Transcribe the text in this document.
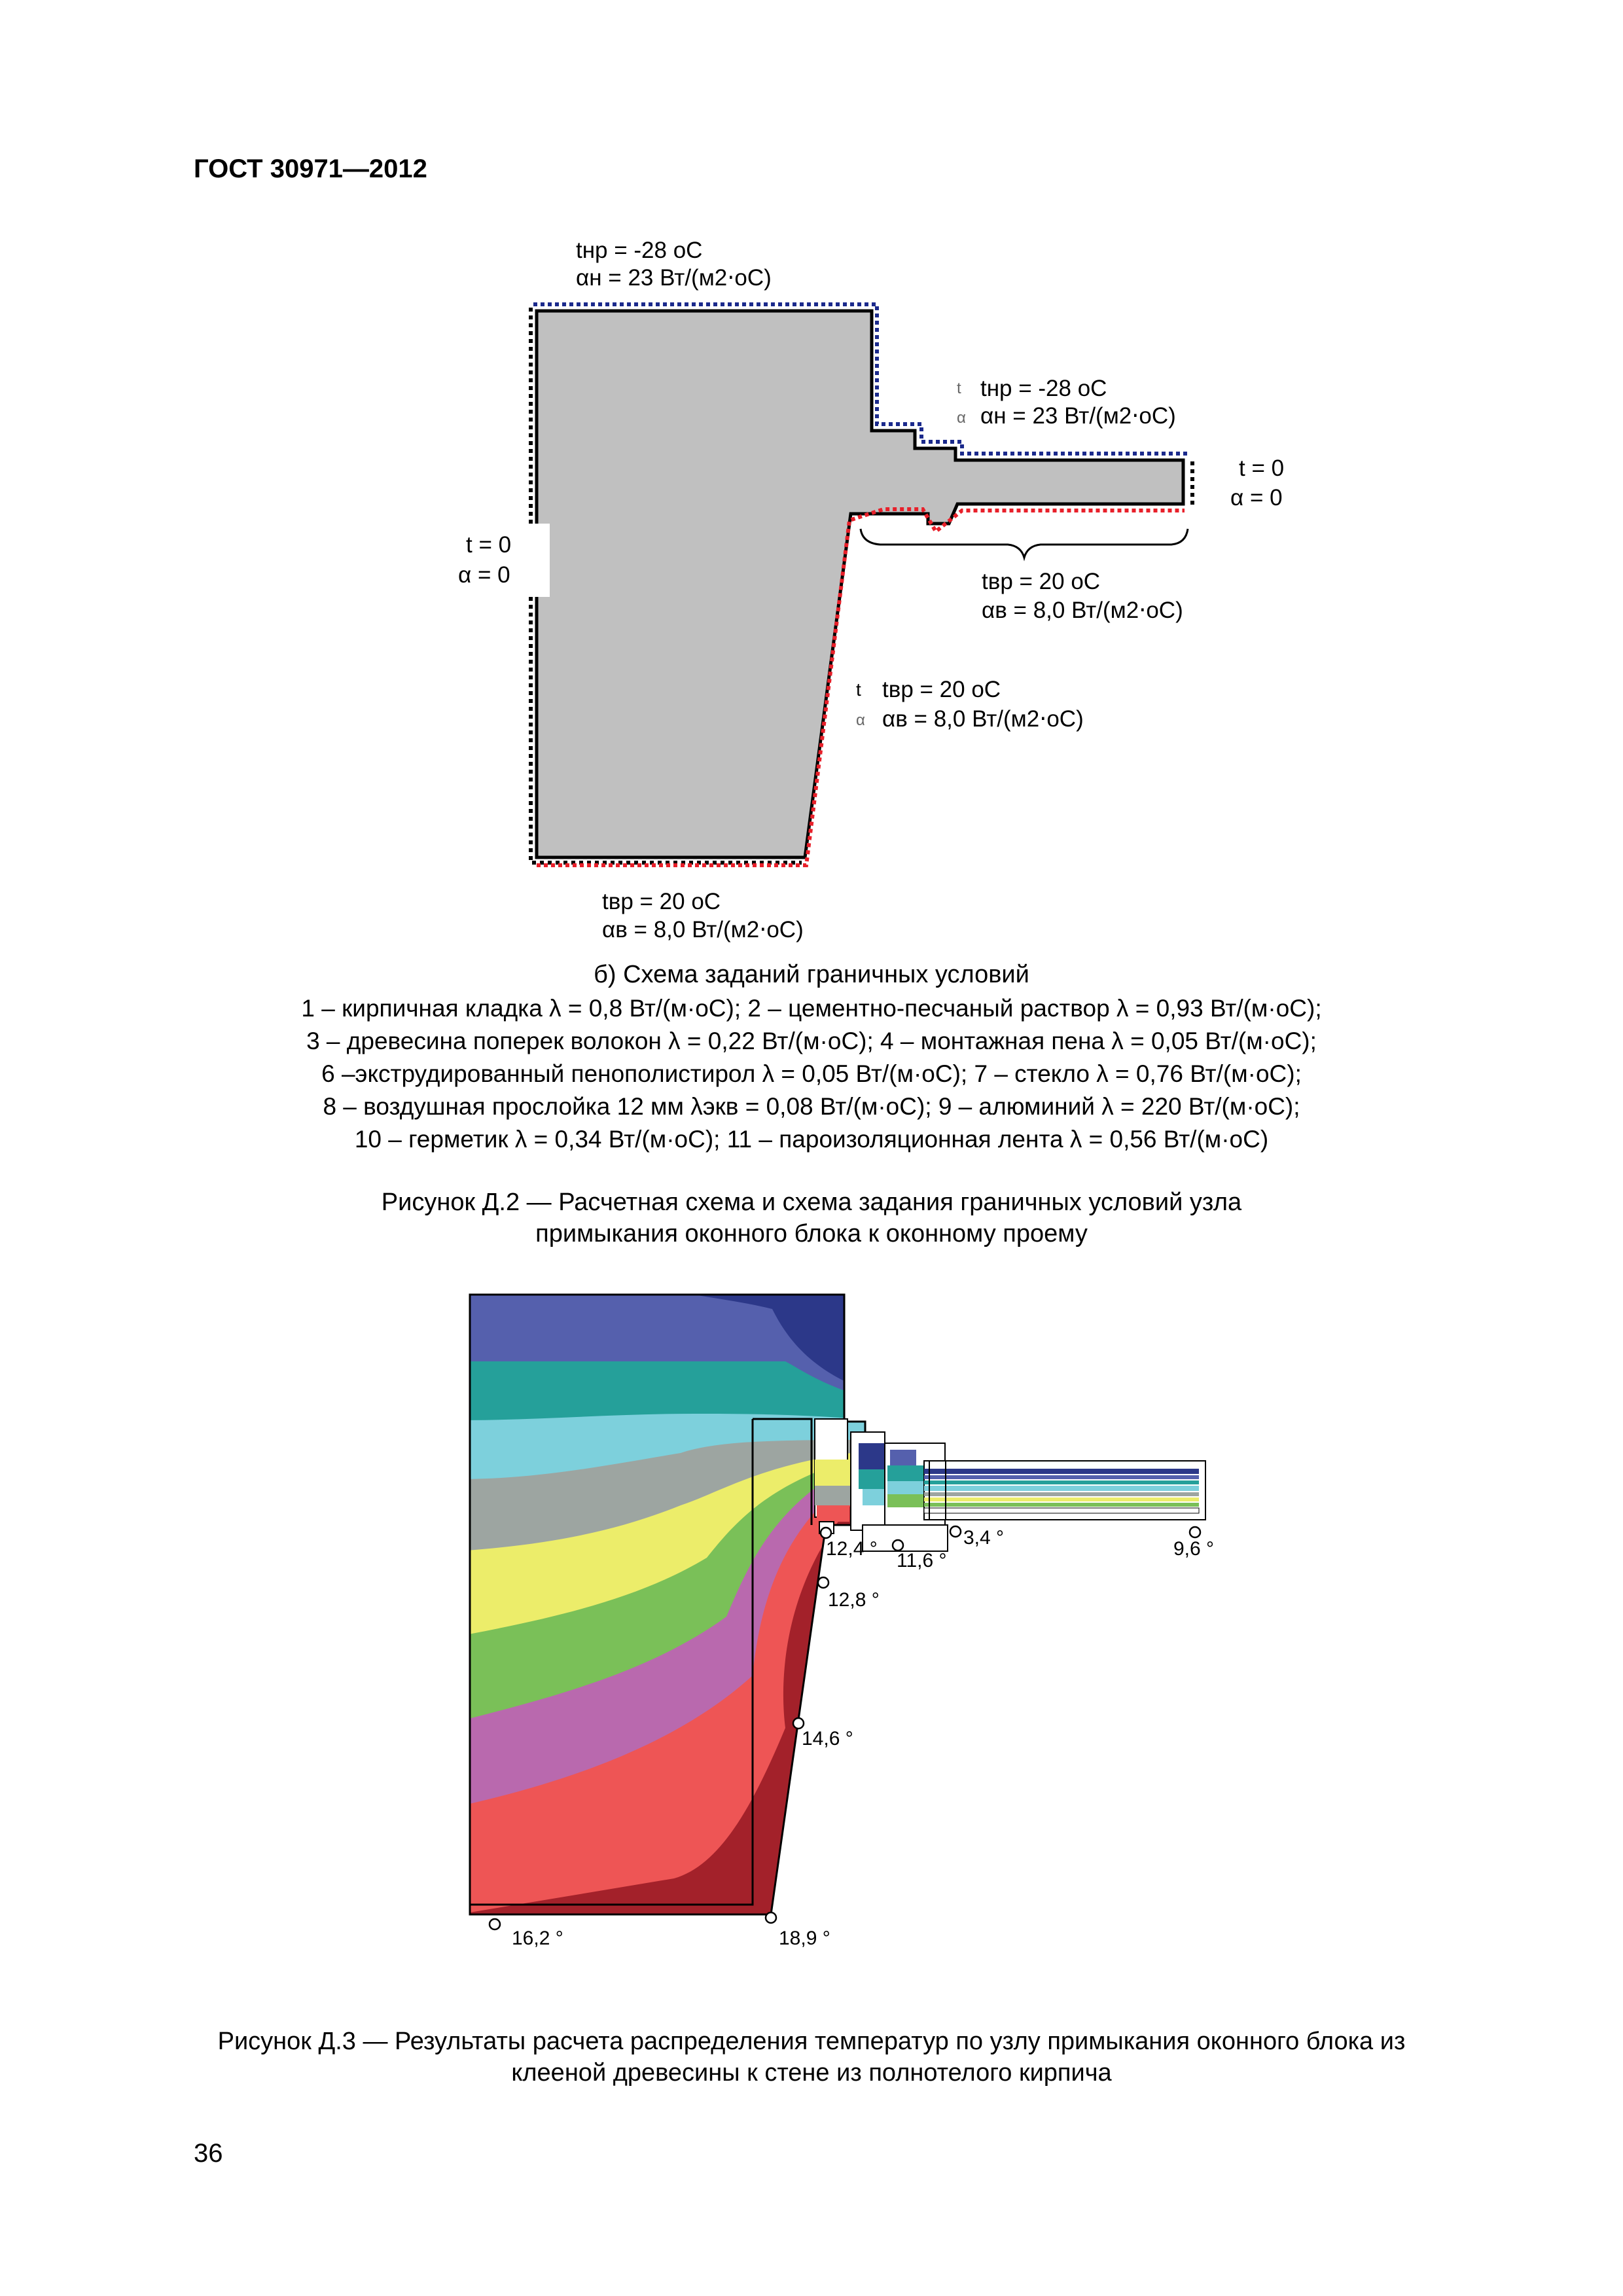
ГОСТ 30971—2012
tнр = -28 оС
αн = 23 Вт/(м2⋅оС)
t tнр = -28 оС
α αн = 23 Вт/(м2⋅оС)
t = 0
α = 0
t = 0
α = 0	tвр = 20 оС
αв = 8,0 Вт/(м2⋅оС)
t tвр = 20 оС
α αв = 8,0 Вт/(м2⋅оС)
tвр = 20 оС
αв = 8,0 Вт/(м2⋅оС)
б) Схема заданий граничных условий
1 – кирпичная кладка λ = 0,8 Вт/(м·оС); 2 – цементно-песчаный раствор λ = 0,93 Вт/(м·оС);
3 – древесина поперек волокон λ = 0,22 Вт/(м·оС); 4 – монтажная пена λ = 0,05 Вт/(м·оС);
6 –экструдированный пенополистирол λ = 0,05 Вт/(м·оС); 7 – стекло λ = 0,76 Вт/(м·оС);
8 – воздушная прослойка 12 мм λэкв = 0,08 Вт/(м·оС); 9 – алюминий λ = 220 Вт/(м·оС);
10 – герметик λ = 0,34 Вт/(м·оС); 11 – пароизоляционная лента λ = 0,56 Вт/(м·оС)
Рисунок Д.2 — Расчетная схема и схема задания граничных условий узла
примыкания оконного блока к оконному проему
12,4 °
11,6 °
3,4 °
9,6 °
12,8 °
14,6 °
16,2 °	18,9 °
Рисунок Д.3 — Результаты расчета распределения температур по узлу примыкания оконного блока из
клееной древесины к стене из полнотелого кирпича
36
